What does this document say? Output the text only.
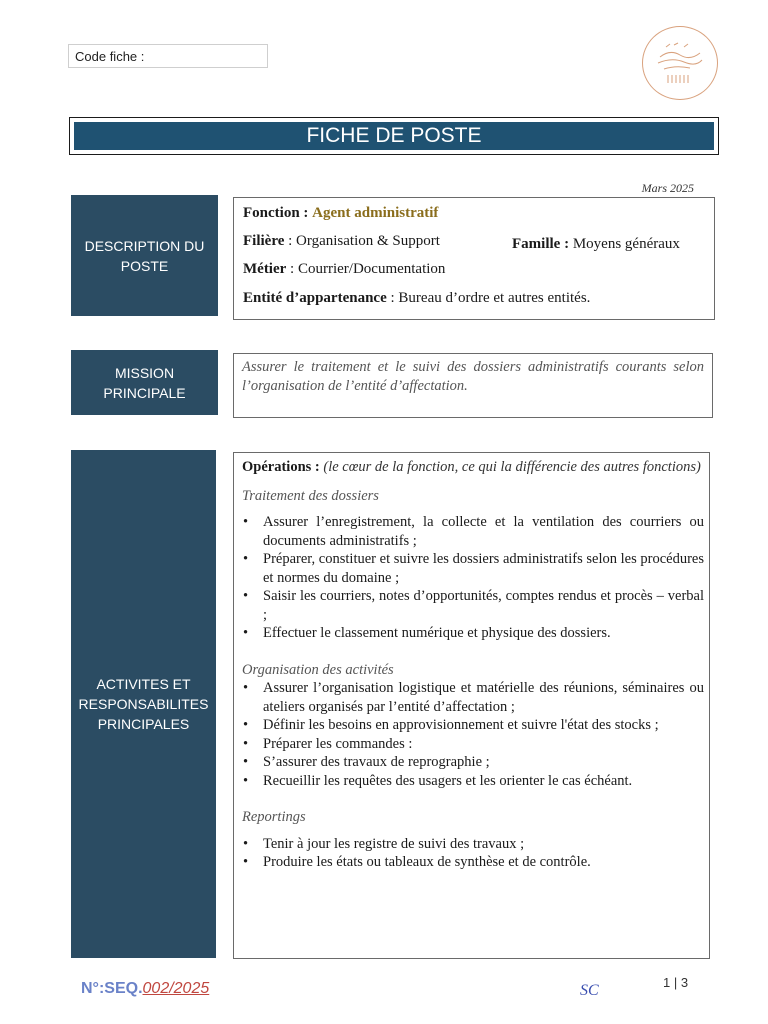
Code fiche :
FICHE DE POSTE
Mars 2025
DESCRIPTION DU
POSTE
Fonction : Agent administratif
Filière : Organisation & Support	Famille : Moyens généraux
Métier : Courrier/Documentation
Entité d’appartenance : Bureau d’ordre et autres entités.
MISSION
PRINCIPALE
Assurer le traitement et le suivi des dossiers administratifs courants selon l’organisation de l’entité d’affectation.
ACTIVITES ET
RESPONSABILITES
PRINCIPALES

Opérations : (le cœur de la fonction, ce qui la différencie des autres fonctions)

Traitement des dossiers

• Assurer l’enregistrement, la collecte et la ventilation des courriers ou documents administratifs ;
• Préparer, constituer et suivre les dossiers administratifs selon les procédures et normes du domaine ;
• Saisir les courriers, notes d’opportunités, comptes rendus et procès – verbal ;
• Effectuer le classement numérique et physique des dossiers.

Organisation des activités

• Assurer l’organisation logistique et matérielle des réunions, séminaires ou ateliers organisés par l’entité d’affectation ;
• Définir les besoins en approvisionnement et suivre l'état des stocks ;
• Préparer les commandes :
• S’assurer des travaux de reprographie ;
• Recueillir les requêtes des usagers et les orienter le cas échéant.

Reportings

• Tenir à jour les registre de suivi des travaux ;
• Produire les états ou tableaux de synthèse et de contrôle.
N°:SEQ.002/2025	SC	1 | 3
